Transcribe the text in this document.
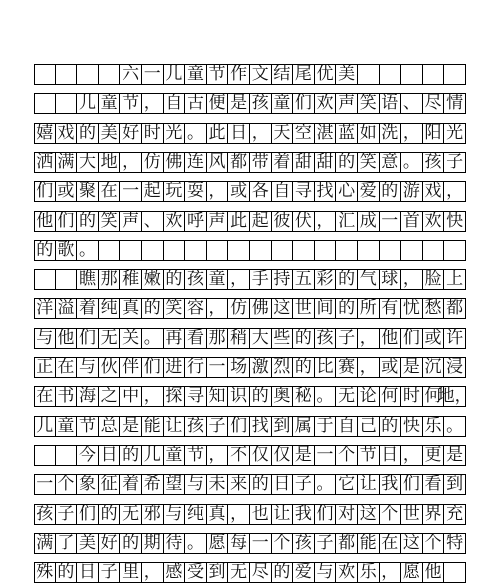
六 一 儿 童 节 作 文 结 尾 优 美
儿 童 节 ， 自 古 便 是 孩 童 们 欢 声 笑 语 、 尽 情
嬉 戏 的 美 好 时 光 。 此 日 ， 天 空 湛 蓝 如 洗 ， 阳 光
洒 满 大 地 ， 仿 佛 连 风 都 带 着 甜 甜 的 笑 意 。 孩 子
们 或 聚 在 一 起 玩 耍 ， 或 各 自 寻 找 心 爱 的 游 戏 ，
他 们 的 笑 声 、 欢 呼 声 此 起 彼 伏 ， 汇 成 一 首 欢 快
的 歌 。
瞧 那 稚 嫩 的 孩 童 ， 手 持 五 彩 的 气 球 ， 脸 上
洋 溢 着 纯 真 的 笑 容 ， 仿 佛 这 世 间 的 所 有 忧 愁 都
与 他 们 无 关 。 再 看 那 稍 大 些 的 孩 子 ， 他 们 或 许
正 在 与 伙 伴 们 进 行 一 场 激 烈 的 比 赛 ， 或 是 沉 浸
在 书 海 之 中 ， 探 寻 知 识 的 奥 秘 。 无 论 何 时 何
地，
儿 童 节 总 是 能 让 孩 子 们 找 到 属 于 自 己 的 快 乐 。
今 日 的 儿 童 节 ， 不 仅 仅 是 一 个 节 日 ， 更 是
一 个 象 征 着 希 望 与 未 来 的 日 子 。 它 让 我 们 看 到
孩 子 们 的 无 邪 与 纯 真 ， 也 让 我 们 对 这 个 世 界 充
满 了 美 好 的 期 待 。 愿 每 一 个 孩 子 都 能 在 这 个 特
殊 的 日 子 里 ， 感 受 到 无 尽 的 爱 与 欢 乐 ， 愿 他
